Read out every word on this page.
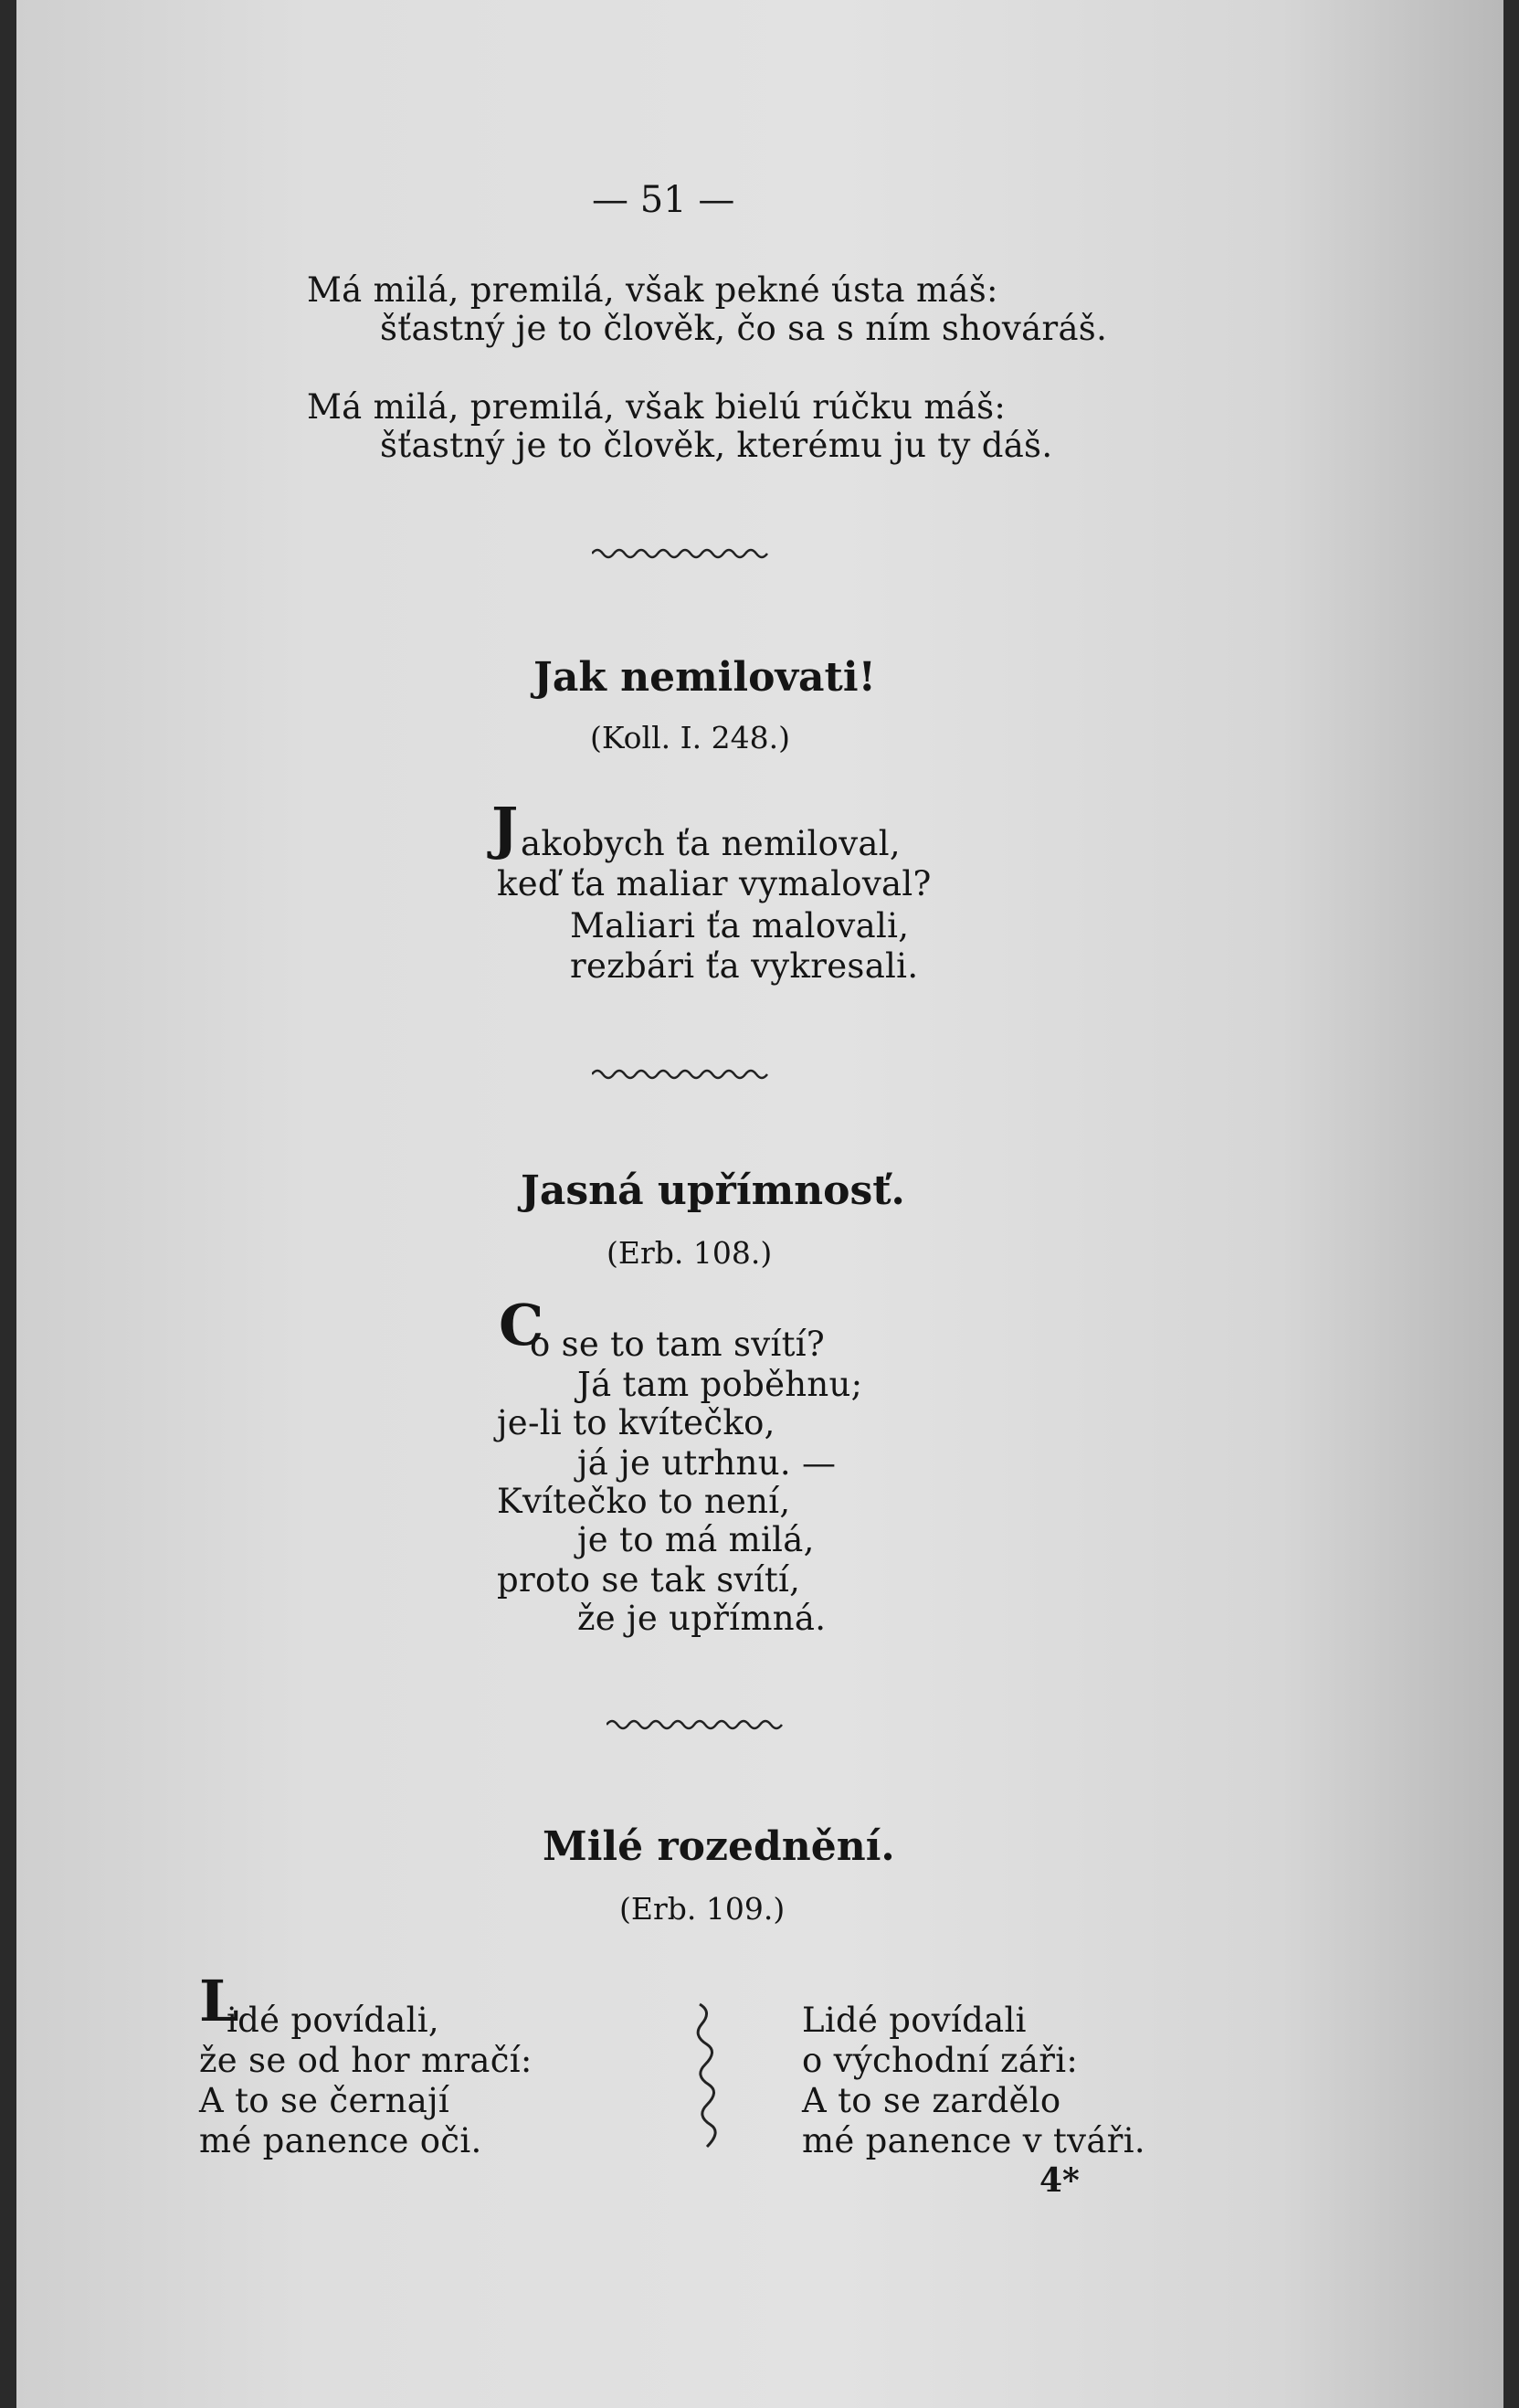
— 51 —
Má milá, premilá, však pekné ústa máš:
šťastný je to člověk, čo sa s ním shováráš.
Má milá, premilá, však bielú rúčku máš:
šťastný je to člověk, kterému ju ty dáš.
Jak nemilovati!
(Koll. I. 248.)
J akobych ťa nemiloval,
keď ťa maliar vymaloval?
Maliari ťa malovali,
rezbári ťa vykresali.
Jasná upřímnosť.
(Erb. 108.)
C
o se to tam svítí?
Já tam poběhnu;
je-li to kvítečko,
já je utrhnu. —
Kvítečko to není,
je to má milá,
proto se tak svítí,
že je upřímná.
Milé rozednění.
(Erb. 109.)
L
idé povídali,
že se od hor mračí:
A to se černají
mé panence oči.
Lidé povídali
o východní záři:
A to se zardělo
mé panence v tváři.
4*
